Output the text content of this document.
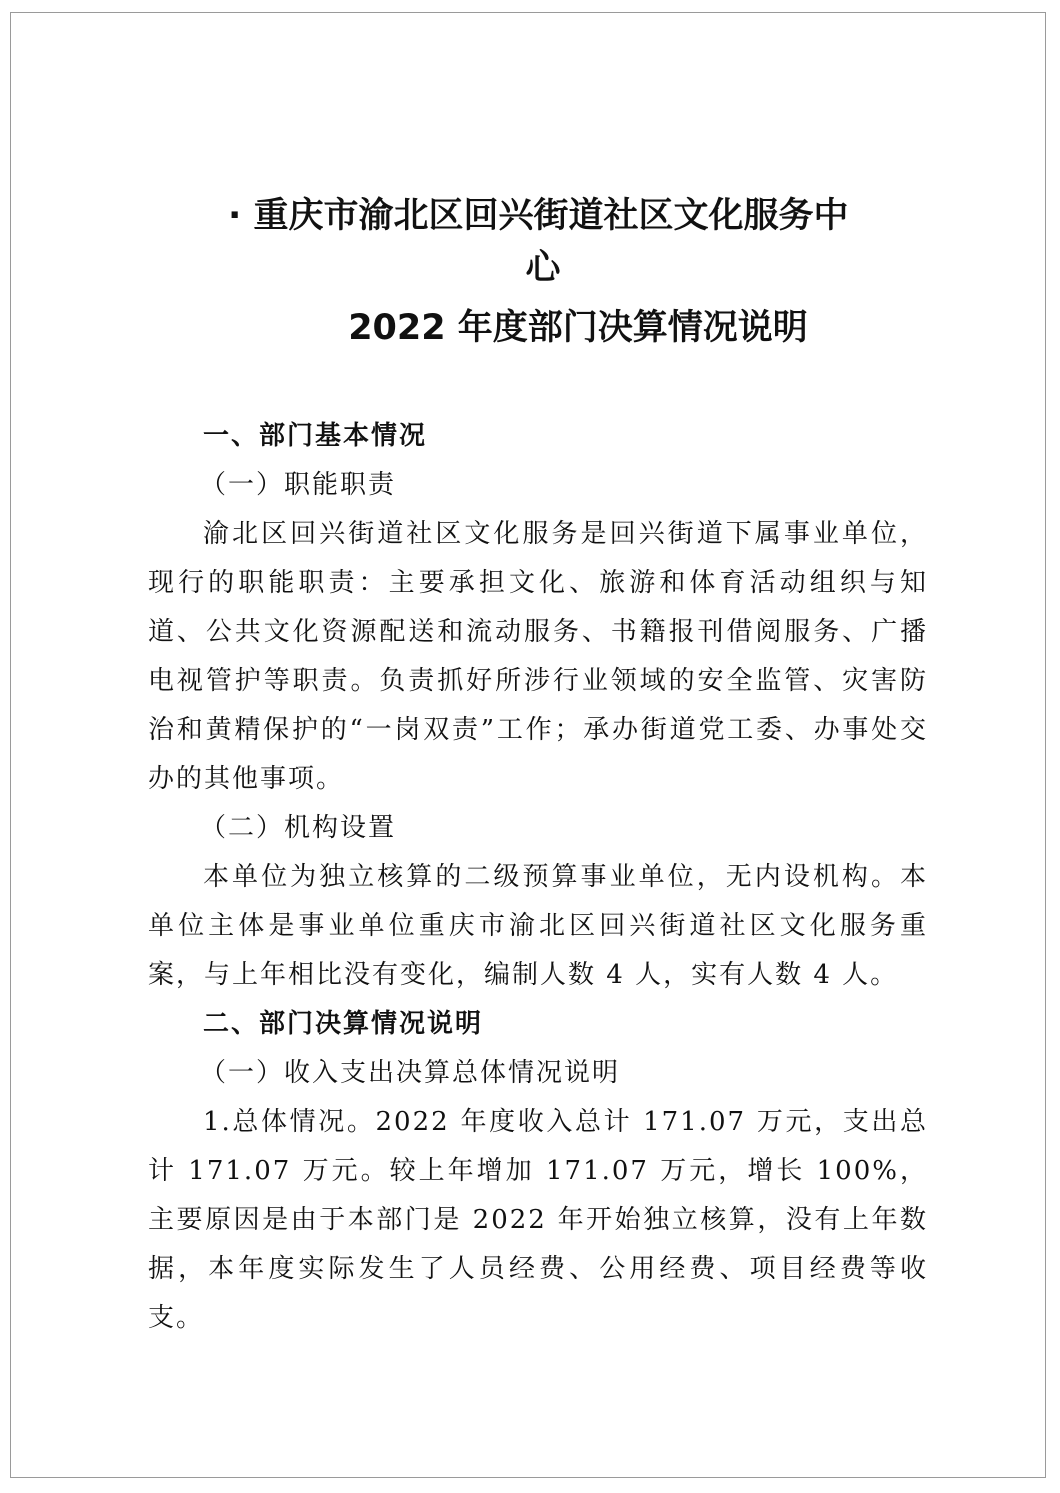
· 重庆市渝北区回兴街道社区文化服务中
心
2022 年度部门决算情况说明

一、部门基本情况

（一）职能职责

渝北区回兴街道社区文化服务是回兴街道下属事业单位，现行的职能职责：主要承担文化、旅游和体育活动组织与知道、公共文化资源配送和流动服务、书籍报刊借阅服务、广播电视管护等职责。负责抓好所涉行业领域的安全监管、灾害防治和黄精保护的“一岗双责”工作；承办街道党工委、办事处交办的其他事项。

（二）机构设置

本单位为独立核算的二级预算事业单位，无内设机构。本单位主体是事业单位重庆市渝北区回兴街道社区文化服务重案，与上年相比没有变化，编制人数 4 人，实有人数 4 人。

二、部门决算情况说明

（一）收入支出决算总体情况说明

1.总体情况。2022 年度收入总计 171.07 万元，支出总计 171.07 万元。较上年增加 171.07 万元，增长 100%，主要原因是由于本部门是 2022 年开始独立核算，没有上年数据，本年度实际发生了人员经费、公用经费、项目经费等收支。
